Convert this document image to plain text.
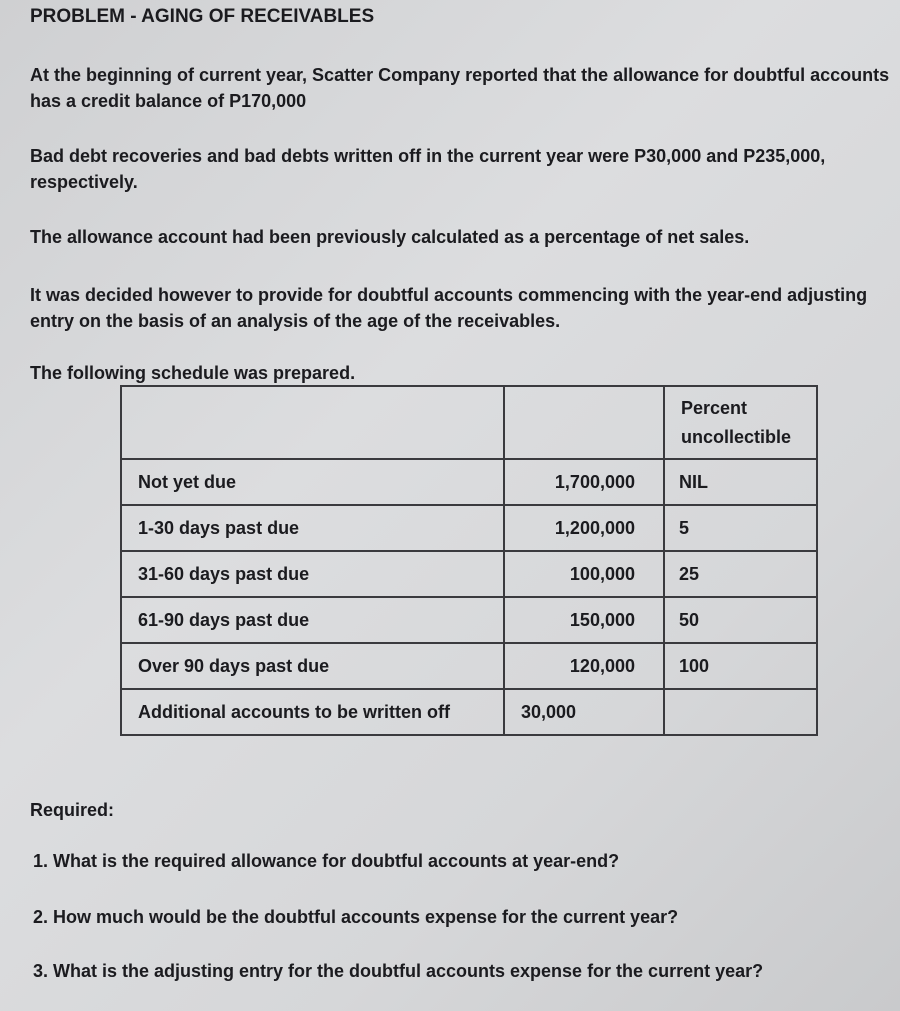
PROBLEM - AGING OF RECEIVABLES

At the beginning of current year, Scatter Company reported that the allowance for doubtful accounts has a credit balance of P170,000

Bad debt recoveries and bad debts written off in the current year were P30,000 and P235,000, respectively.

The allowance account had been previously calculated as a percentage of net sales.

It was decided however to provide for doubtful accounts commencing with the year-end adjusting entry on the basis of an analysis of the age of the receivables.

The following schedule was prepared.

		Percent uncollectible
Not yet due	1,700,000	NIL
1-30 days past due	1,200,000	5
31-60 days past due	100,000	25
61-90 days past due	150,000	50
Over 90 days past due	120,000	100
Additional accounts to be written off	30,000	

Required:

1. What is the required allowance for doubtful accounts at year-end?

2. How much would be the doubtful accounts expense for the current year?

3. What is the adjusting entry for the doubtful accounts expense for the current year?
